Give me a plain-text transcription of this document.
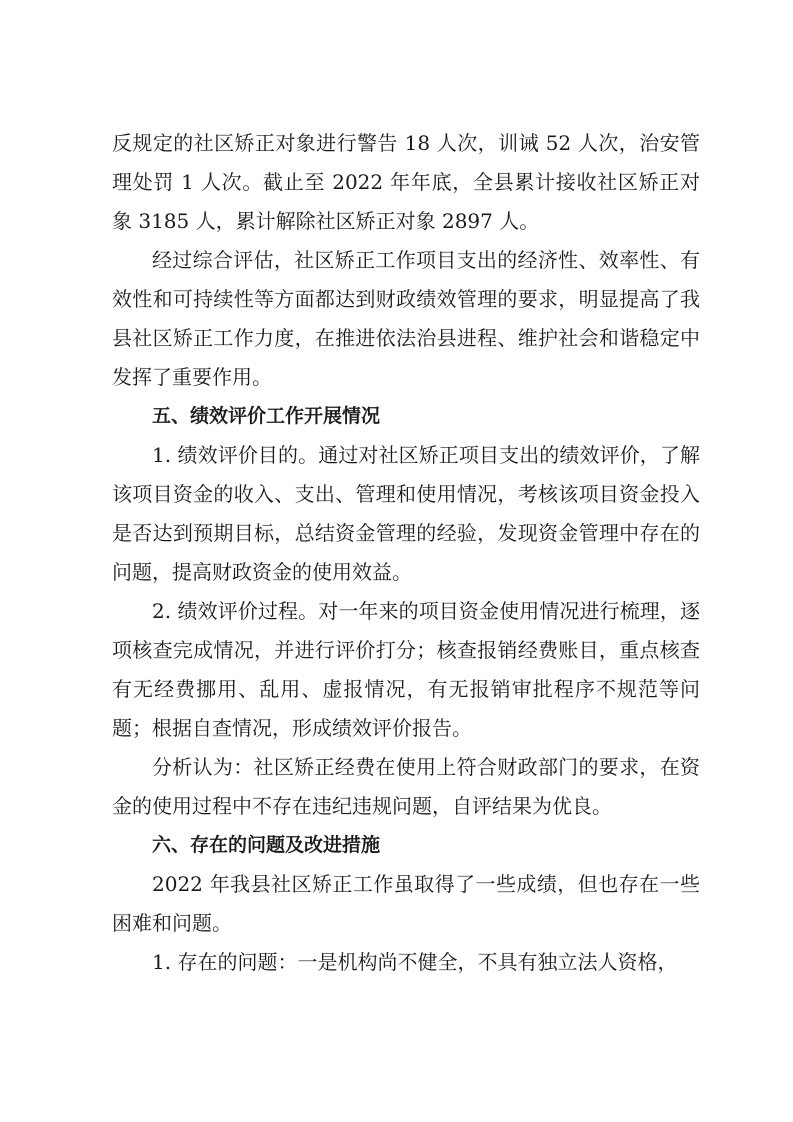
反规定的社区矫正对象进行警告 18 人次，训诫 52 人次，治安管理处罚 1 人次。截止至 2022 年年底，全县累计接收社区矫正对象 3185 人，累计解除社区矫正对象 2897 人。

经过综合评估，社区矫正工作项目支出的经济性、效率性、有效性和可持续性等方面都达到财政绩效管理的要求，明显提高了我县社区矫正工作力度，在推进依法治县进程、维护社会和谐稳定中发挥了重要作用。

五、绩效评价工作开展情况

1. 绩效评价目的。通过对社区矫正项目支出的绩效评价，了解该项目资金的收入、支出、管理和使用情况，考核该项目资金投入是否达到预期目标，总结资金管理的经验，发现资金管理中存在的问题，提高财政资金的使用效益。

2. 绩效评价过程。对一年来的项目资金使用情况进行梳理，逐项核查完成情况，并进行评价打分；核查报销经费账目，重点核查有无经费挪用、乱用、虚报情况，有无报销审批程序不规范等问题；根据自查情况，形成绩效评价报告。

分析认为：社区矫正经费在使用上符合财政部门的要求，在资金的使用过程中不存在违纪违规问题，自评结果为优良。

六、存在的问题及改进措施

2022 年我县社区矫正工作虽取得了一些成绩，但也存在一些困难和问题。

1. 存在的问题：一是机构尚不健全，不具有独立法人资格，
